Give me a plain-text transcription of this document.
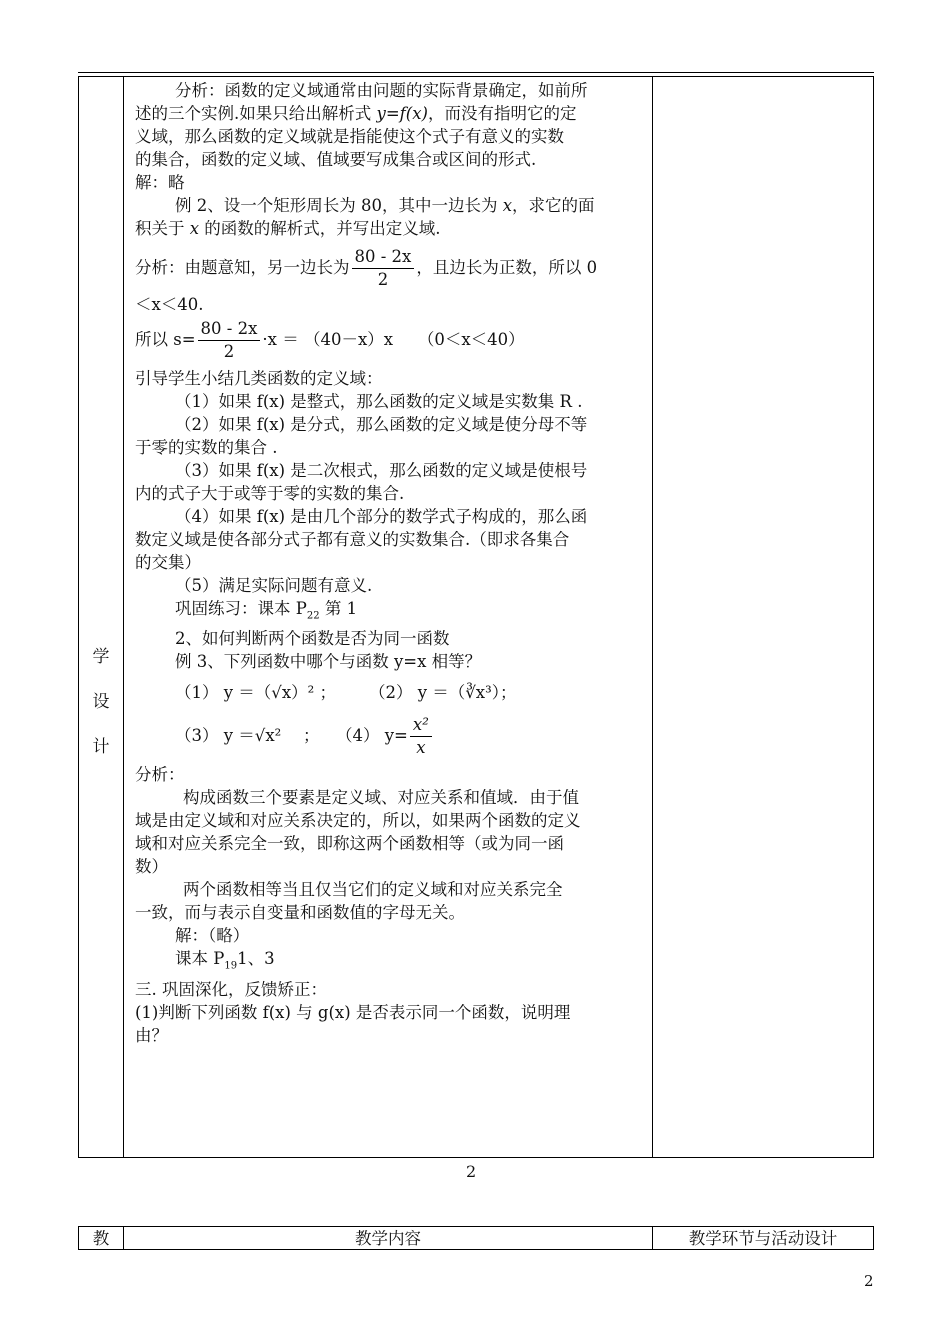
学
设
计

分析：函数的定义域通常由问题的实际背景确定，如前所

述的三个实例.如果只给出解析式 y=f(x)，而没有指明它的定

义域，那么函数的定义域就是指能使这个式子有意义的实数

的集合，函数的定义域、值域要写成集合或区间的形式.

解：略

例 2、设一个矩形周长为 80，其中一边长为 x，求它的面

积关于 x 的函数的解析式，并写出定义域.

分析：由题意知，另一边长为 $\frac{80 - 2x}{2}$ ，且边长为正数，所以 0

＜x＜40.

所以 $s= \frac{80 - 2x}{2} \cdot x = (40-x)x$　　（0＜x＜40）

引导学生小结几类函数的定义域：

（1）如果 f(x) 是整式，那么函数的定义域是实数集 R .

（2）如果 f(x) 是分式，那么函数的定义域是使分母不等

于零的实数的集合 .

（3）如果 f(x) 是二次根式，那么函数的定义域是使根号

内的式子大于或等于零的实数的集合.

（4）如果 f(x) 是由几个部分的数学式子构成的，那么函

数定义域是使各部分式子都有意义的实数集合.（即求各集合

的交集）

（5）满足实际问题有意义.

巩固练习：课本 $P_{22}$ 第 1

2、如何判断两个函数是否为同一函数

例 3、下列函数中哪个与函数 y=x 相等？

（1） y ＝（√x）² ；　　　（2） y ＝（∛x³）；

（3） y ＝√x²　 ；　　（4） $y= \frac{\text{x²}}{x}$

分析：

构成函数三个要素是定义域、对应关系和值域．由于值

域是由定义域和对应关系决定的，所以，如果两个函数的定义

域和对应关系完全一致，即称这两个函数相等（或为同一函

数）

两个函数相等当且仅当它们的定义域和对应关系完全

一致，而与表示自变量和函数值的字母无关。

解：（略）

课本 $P_{19}1$、3

三. 巩固深化，反馈矫正：

(1)判断下列函数 f(x) 与 g(x) 是否表示同一个函数，说明理

由？

2
教	教学内容	教学环节与活动设计
2
